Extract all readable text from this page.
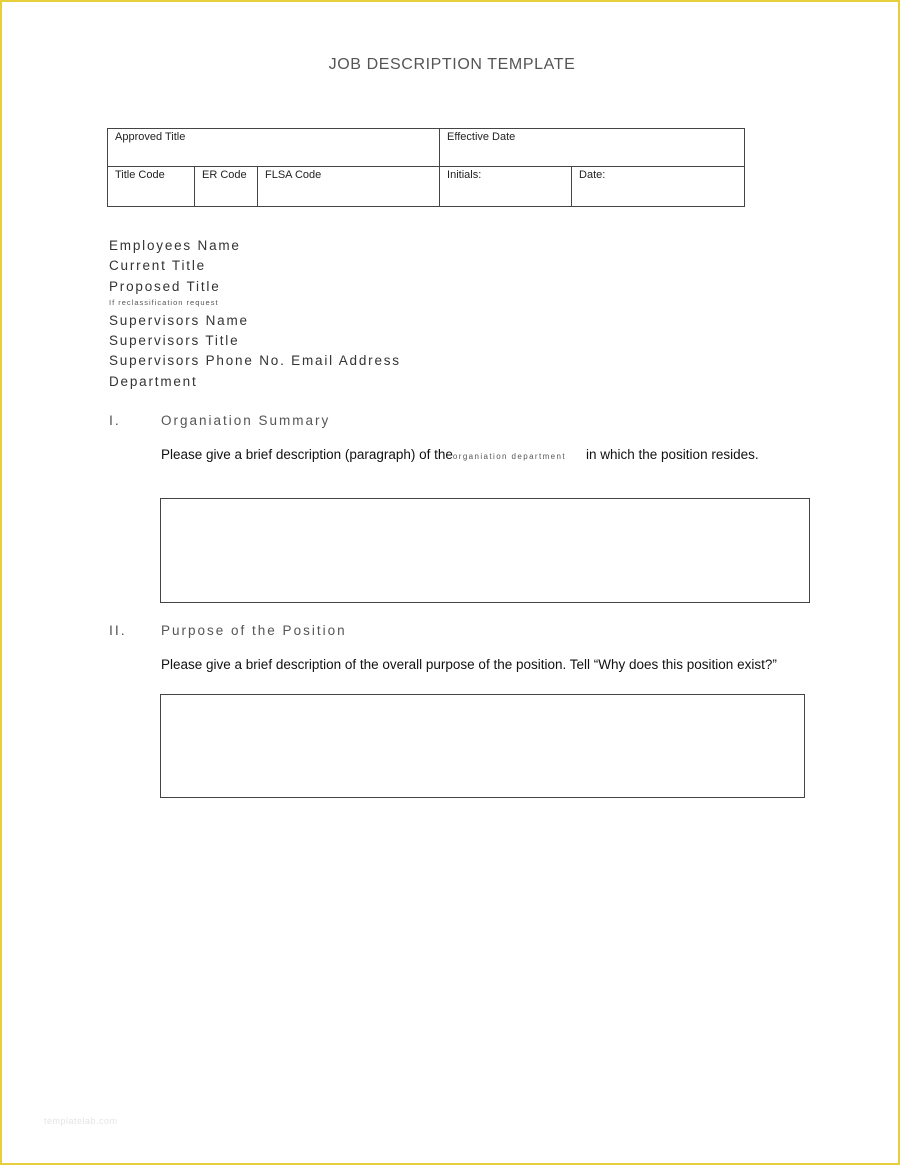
JOB DESCRIPTION TEMPLATE
Approved Title			Effective Date	
Title Code	ER Code	FLSA Code	Initials:	Date:
Employees Name
Current Title
Proposed Title
If reclassification request
Supervisors Name
Supervisors Title
Supervisors Phone No. Email Address
Department
I.	Organiation Summary
Please give a brief description (paragraph) of theorganiation department in which the position resides.
II.	Purpose of the Position
Please give a brief description of the overall purpose of the position. Tell “Why does this position exist?”
templatelab.com
